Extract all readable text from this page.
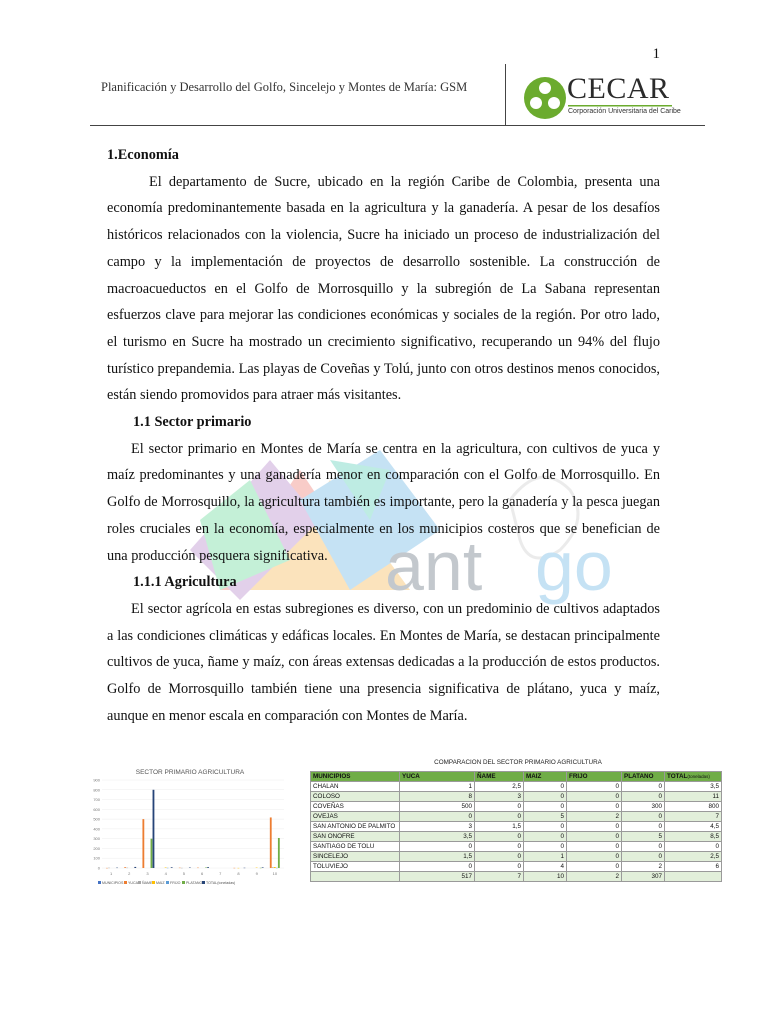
1
Planificación y Desarrollo del Golfo, Sincelejo y Montes de María: GSM	CECAR
Corporación Universitaria del Caribe
ant go

1.Economía

El departamento de Sucre, ubicado en la región Caribe de Colombia, presenta una economía predominantemente basada en la agricultura y la ganadería. A pesar de los desafíos históricos relacionados con la violencia, Sucre ha iniciado un proceso de industrialización del campo y la implementación de proyectos de desarrollo sostenible. La construcción de macroacueductos en el Golfo de Morrosquillo y la subregión de La Sabana representan esfuerzos clave para mejorar las condiciones económicas y sociales de la región. Por otro lado, el turismo en Sucre ha mostrado un crecimiento significativo, recuperando un 94% del flujo turístico prepandemia. Las playas de Coveñas y Tolú, junto con otros destinos menos conocidos, están siendo promovidos para atraer más visitantes.

1.1 Sector primario

El sector primario en Montes de María se centra en la agricultura, con cultivos de yuca y maíz predominantes y una ganadería menor en comparación con el Golfo de Morrosquillo. En Golfo de Morrosquillo, la agricultura también es importante, pero la ganadería y la pesca juegan roles cruciales en la economía, especialmente en los municipios costeros que se benefician de una producción pesquera significativa.

1.1.1 Agricultura

El sector agrícola en estas subregiones es diverso, con un predominio de cultivos adaptados a las condiciones climáticas y edáficas locales. En Montes de María, se destacan principalmente cultivos de yuca, ñame y maíz, con áreas extensas dedicadas a la producción de estos productos. Golfo de Morrosquillo también tiene una presencia significativa de plátano, yuca y maíz, aunque en menor escala en comparación con Montes de María.

SECTOR PRIMARIO AGRICULTURA
0
100
200
300
400
500
600
700
800
900
1	2	3	4	5	6	7	8	9	10
MUNICIPIOS YUCA ÑAME MAIZ FRIJO PLATANO TOTAL(toneladas)
COMPARACION DEL SECTOR PRIMARIO AGRICULTURA
MUNICIPIOS	YUCA	ÑAME	MAIZ	FRIJO	PLATANO	TOTAL(toneladas)
CHALAN	1	2,5	0	0	0	3,5
COLOSO	8	3	0	0	0	11
COVEÑAS	500	0	0	0	300	800
OVEJAS	0	0	5	2	0	7
SAN ANTONIO DE PALMITO	3	1,5	0	0	0	4,5
SAN ONOFRE	3,5	0	0	0	5	8,5
SANTIAGO DE TOLU	0	0	0	0	0	0
SINCELEJO	1,5	0	1	0	0	2,5
TOLUVIEJO	0	0	4	0	2	6
	517	7	10	2	307	
